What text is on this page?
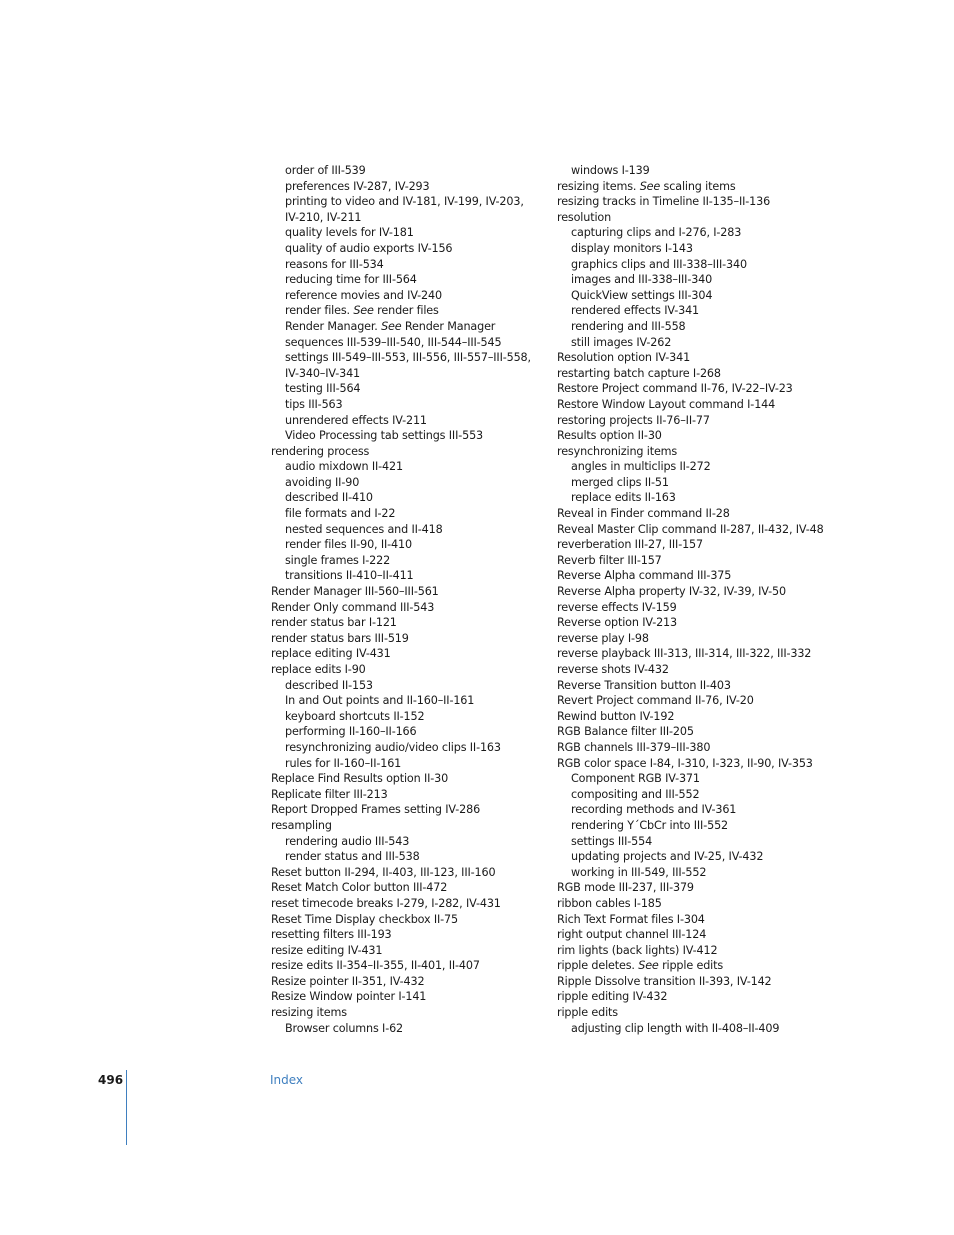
order of III-539
preferences IV-287, IV-293
printing to video and IV-181, IV-199, IV-203,
IV-210, IV-211
quality levels for IV-181
quality of audio exports IV-156
reasons for III-534
reducing time for III-564
reference movies and IV-240
render files. See render files
Render Manager. See Render Manager
sequences III-539–III-540, III-544–III-545
settings III-549–III-553, III-556, III-557–III-558,
IV-340–IV-341
testing III-564
tips III-563
unrendered effects IV-211
Video Processing tab settings III-553
rendering process
audio mixdown II-421
avoiding II-90
described II-410
file formats and I-22
nested sequences and II-418
render files II-90, II-410
single frames I-222
transitions II-410–II-411
Render Manager III-560–III-561
Render Only command III-543
render status bar I-121
render status bars III-519
replace editing IV-431
replace edits I-90
described II-153
In and Out points and II-160–II-161
keyboard shortcuts II-152
performing II-160–II-166
resynchronizing audio/video clips II-163
rules for II-160–II-161
Replace Find Results option II-30
Replicate filter III-213
Report Dropped Frames setting IV-286
resampling
rendering audio III-543
render status and III-538
Reset button II-294, II-403, III-123, III-160
Reset Match Color button III-472
reset timecode breaks I-279, I-282, IV-431
Reset Time Display checkbox II-75
resetting filters III-193
resize editing IV-431
resize edits II-354–II-355, II-401, II-407
Resize pointer II-351, IV-432
Resize Window pointer I-141
resizing items
Browser columns I-62
windows I-139
resizing items. See scaling items
resizing tracks in Timeline II-135–II-136
resolution
capturing clips and I-276, I-283
display monitors I-143
graphics clips and III-338–III-340
images and III-338–III-340
QuickView settings III-304
rendered effects IV-341
rendering and III-558
still images IV-262
Resolution option IV-341
restarting batch capture I-268
Restore Project command II-76, IV-22–IV-23
Restore Window Layout command I-144
restoring projects II-76–II-77
Results option II-30
resynchronizing items
angles in multiclips II-272
merged clips II-51
replace edits II-163
Reveal in Finder command II-28
Reveal Master Clip command II-287, II-432, IV-48
reverberation III-27, III-157
Reverb filter III-157
Reverse Alpha command III-375
Reverse Alpha property IV-32, IV-39, IV-50
reverse effects IV-159
Reverse option IV-213
reverse play I-98
reverse playback III-313, III-314, III-322, III-332
reverse shots IV-432
Reverse Transition button II-403
Revert Project command II-76, IV-20
Rewind button IV-192
RGB Balance filter III-205
RGB channels III-379–III-380
RGB color space I-84, I-310, I-323, II-90, IV-353
Component RGB IV-371
compositing and III-552
recording methods and IV-361
rendering Y´CbCr into III-552
settings III-554
updating projects and IV-25, IV-432
working in III-549, III-552
RGB mode III-237, III-379
ribbon cables I-185
Rich Text Format files I-304
right output channel III-124
rim lights (back lights) IV-412
ripple deletes. See ripple edits
Ripple Dissolve transition II-393, IV-142
ripple editing IV-432
ripple edits
adjusting clip length with II-408–II-409
496	Index
